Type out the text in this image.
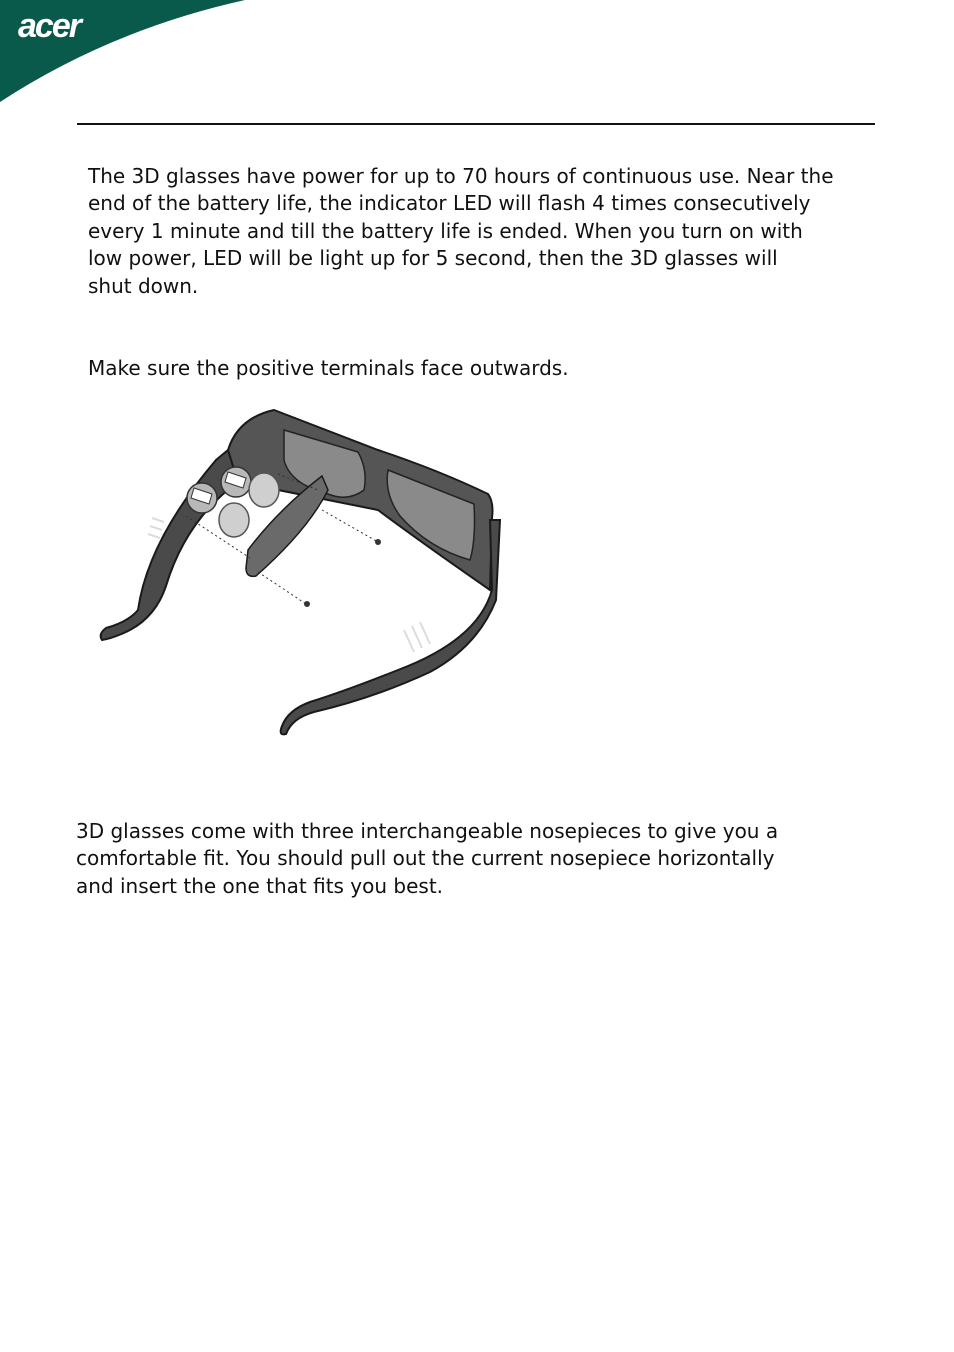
acer

The 3D glasses have power for up to 70 hours of continuous use. Near the
end of the battery life, the indicator LED will flash 4 times consecutively
every 1 minute and till the battery life is ended. When you turn on with
low power, LED will be light up for 5 second, then the 3D glasses will
shut down.

Make sure the positive terminals face outwards.

3D glasses come with three interchangeable nosepieces to give you a
comfortable fit. You should pull out the current nosepiece horizontally
and insert the one that fits you best.
